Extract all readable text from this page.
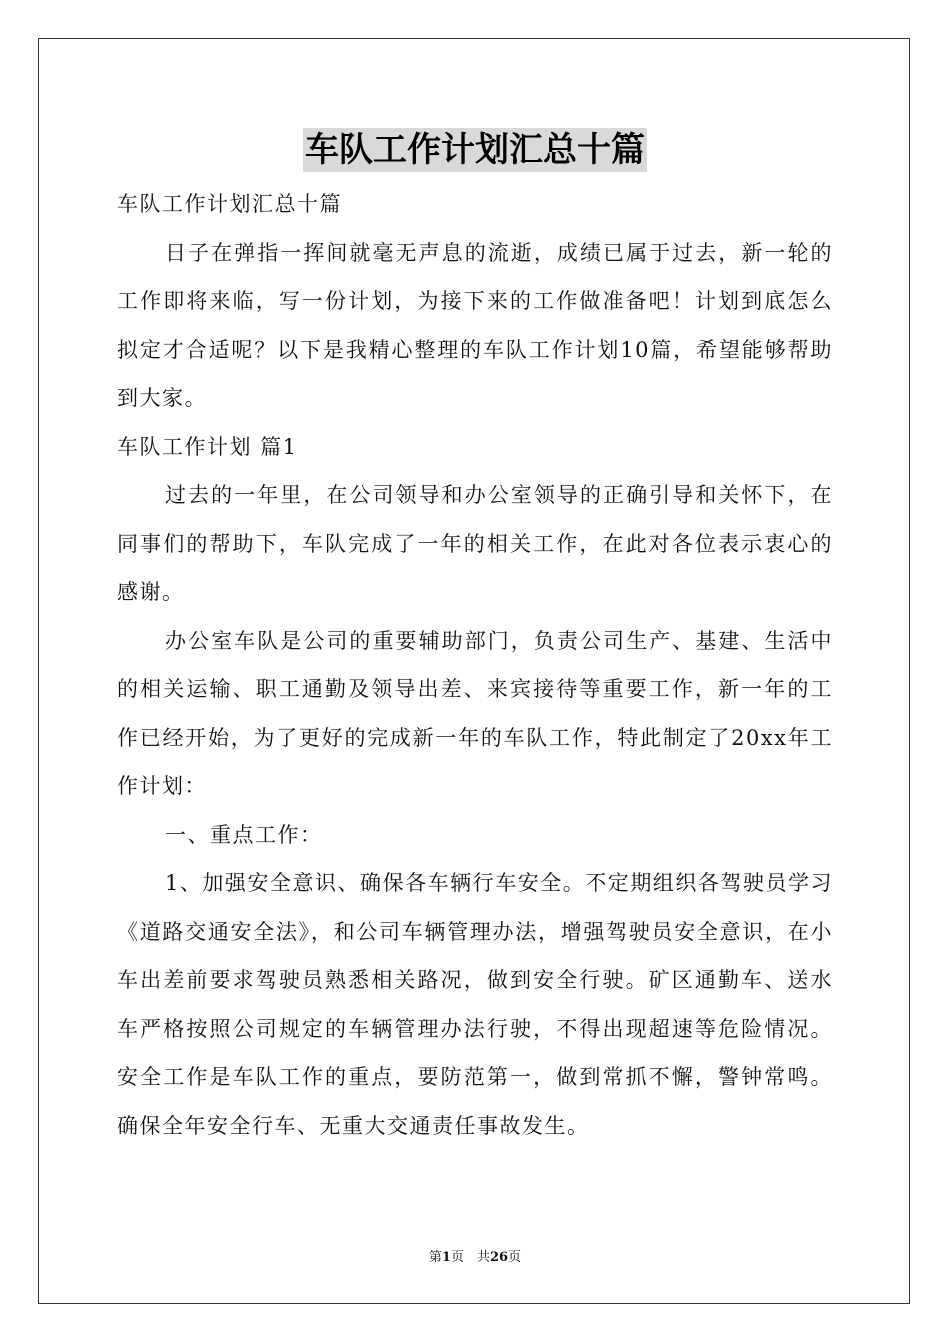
车队工作计划汇总十篇

车队工作计划汇总十篇

日子在弹指一挥间就毫无声息的流逝，成绩已属于过去，新一轮的工作即将来临，写一份计划，为接下来的工作做准备吧！计划到底怎么拟定才合适呢？以下是我精心整理的车队工作计划10篇，希望能够帮助到大家。

车队工作计划 篇1

过去的一年里，在公司领导和办公室领导的正确引导和关怀下，在同事们的帮助下，车队完成了一年的相关工作，在此对各位表示衷心的感谢。

办公室车队是公司的重要辅助部门，负责公司生产、基建、生活中的相关运输、职工通勤及领导出差、来宾接待等重要工作，新一年的工作已经开始，为了更好的完成新一年的车队工作，特此制定了20xx年工作计划：

一、重点工作：

1、加强安全意识、确保各车辆行车安全。不定期组织各驾驶员学习《道路交通安全法》，和公司车辆管理办法，增强驾驶员安全意识，在小车出差前要求驾驶员熟悉相关路况，做到安全行驶。矿区通勤车、送水车严格按照公司规定的车辆管理办法行驶，不得出现超速等危险情况。安全工作是车队工作的重点，要防范第一，做到常抓不懈，警钟常鸣。确保全年安全行车、无重大交通责任事故发生。

第1页　共26页
